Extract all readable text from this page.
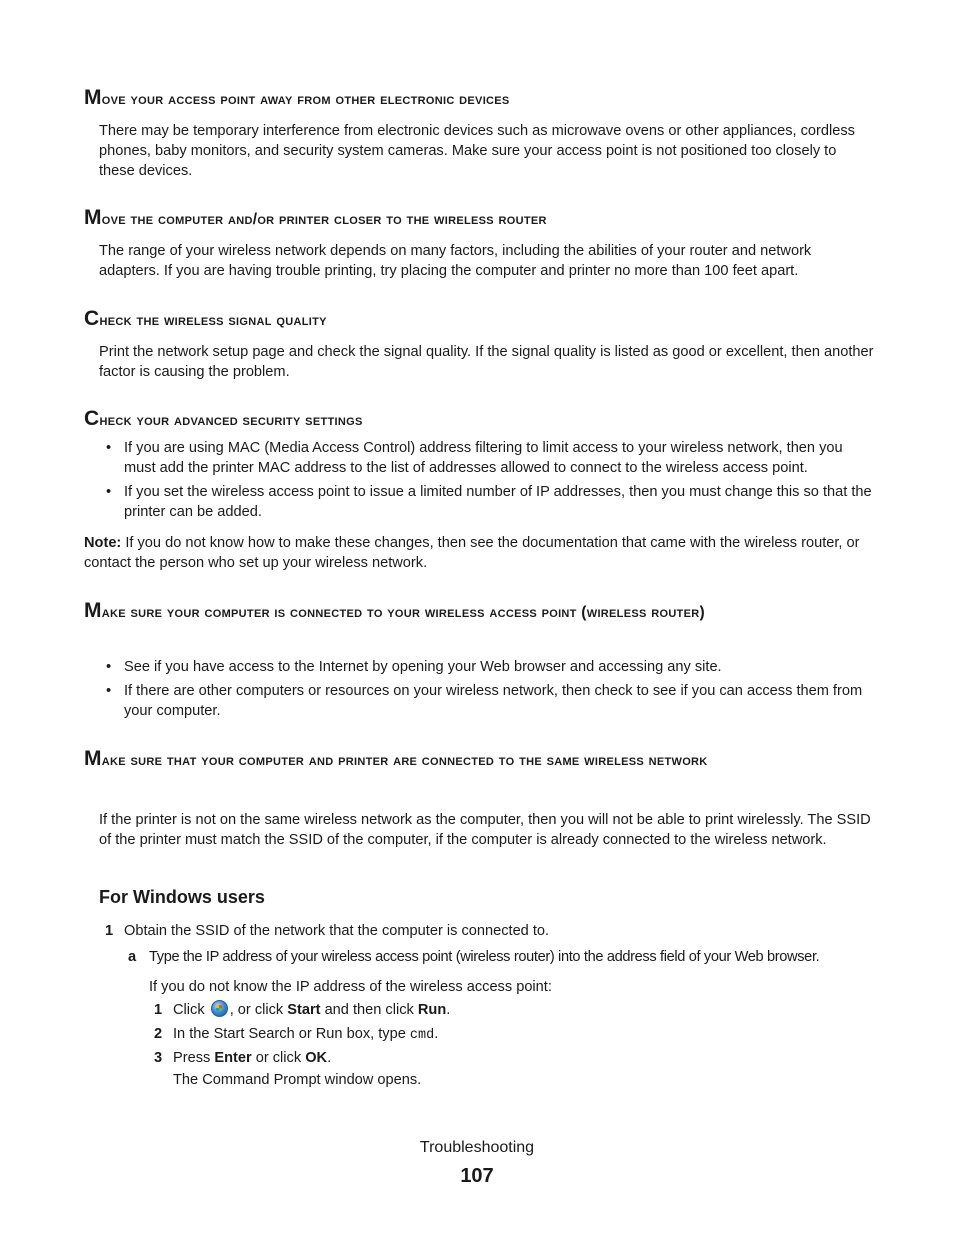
Move your access point away from other electronic devices

There may be temporary interference from electronic devices such as microwave ovens or other appliances, cordless phones, baby monitors, and security system cameras. Make sure your access point is not positioned too closely to these devices.

Move the computer and/or printer closer to the wireless router

The range of your wireless network depends on many factors, including the abilities of your router and network adapters. If you are having trouble printing, try placing the computer and printer no more than 100 feet apart.

Check the wireless signal quality

Print the network setup page and check the signal quality. If the signal quality is listed as good or excellent, then another factor is causing the problem.

Check your advanced security settings
• If you are using MAC (Media Access Control) address filtering to limit access to your wireless network, then you must add the printer MAC address to the list of addresses allowed to connect to the wireless access point.
• If you set the wireless access point to issue a limited number of IP addresses, then you must change this so that the printer can be added.

Note: If you do not know how to make these changes, then see the documentation that came with the wireless router, or contact the person who set up your wireless network.

Make sure your computer is connected to your wireless access point (wireless router)
• See if you have access to the Internet by opening your Web browser and accessing any site.
• If there are other computers or resources on your wireless network, then check to see if you can access them from your computer.
Make sure that your computer and printer are connected to the same wireless network

If the printer is not on the same wireless network as the computer, then you will not be able to print wirelessly. The SSID of the printer must match the SSID of the computer, if the computer is already connected to the wireless network.

For Windows users
1 Obtain the SSID of the network that the computer is connected to.
a Type the IP address of your wireless access point (wireless router) into the address field of your Web browser.

If you do not know the IP address of the wireless access point:

1 Click , or click Start and then click Run.
2 In the Start Search or Run box, type cmd.
3 Press Enter or click OK.
The Command Prompt window opens.

Troubleshooting

107
